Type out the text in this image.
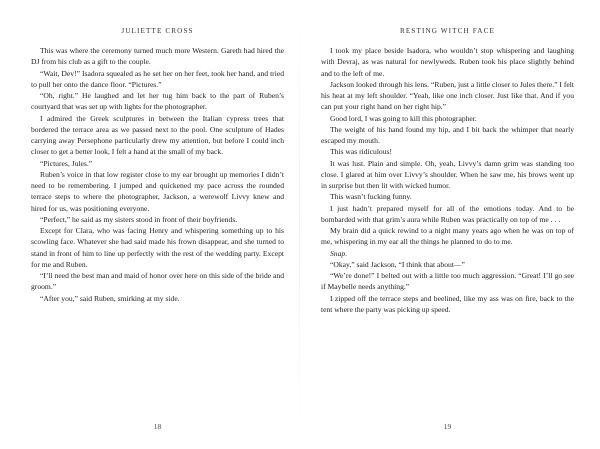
JULIETTE CROSS

This was where the ceremony turned much more Western. Gareth had hired the DJ from his club as a gift to the couple.

“Wait, Dev!” Isadora squealed as he set her on her feet, took her hand, and tried to pull her onto the dance floor. “Pictures.”

“Oh, right.” He laughed and let her tug him back to the part of Ruben’s courtyard that was set up with lights for the photographer.

I admired the Greek sculptures in between the Italian cypress trees that bordered the terrace area as we passed next to the pool. One sculpture of Hades carrying away Persephone particularly drew my attention, but before I could inch closer to get a better look, I felt a hand at the small of my back.

“Pictures, Jules.”

Ruben’s voice in that low register close to my ear brought up memories I didn’t need to be remembering. I jumped and quickened my pace across the rounded terrace steps to where the photographer, Jackson, a werewolf Livvy knew and hired for us, was positioning everyone.

“Perfect,” he said as my sisters stood in front of their boyfriends.

Except for Clara, who was facing Henry and whispering something up to his scowling face. Whatever she had said made his frown disappear, and she turned to stand in front of him to line up perfectly with the rest of the wedding party. Except for me and Ruben.

“I’ll need the best man and maid of honor over here on this side of the bride and groom.”

“After you,” said Ruben, smirking at my side.

18
RESTING WITCH FACE

I took my place beside Isadora, who wouldn’t stop whispering and laughing with Devraj, as was natural for newlyweds. Ruben took his place slightly behind and to the left of me.

Jackson looked through his lens. “Ruben, just a little closer to Jules there.” I felt his heat at my left shoulder. “Yeah, like one inch closer. Just like that. And if you can put your right hand on her right hip.”

Good lord, I was going to kill this photographer.

The weight of his hand found my hip, and I bit back the whimper that nearly escaped my mouth.

This was ridiculous!

It was lust. Plain and simple. Oh, yeah, Livvy’s damn grim was standing too close. I glared at him over Livvy’s shoulder. When he saw me, his brows went up in surprise but then lit with wicked humor.

This wasn’t fucking funny.

I just hadn’t prepared myself for all of the emotions today. And to be bombarded with that grim’s aura while Ruben was practically on top of me . . .

My brain did a quick rewind to a night many years ago when he was on top of me, whispering in my ear all the things he planned to do to me.

Snap.

“Okay,” said Jackson, “I think that about—”

“We’re done!” I belted out with a little too much aggression. “Great! I’ll go see if Maybelle needs anything.”

I zipped off the terrace steps and beelined, like my ass was on fire, back to the tent where the party was picking up speed.

19
